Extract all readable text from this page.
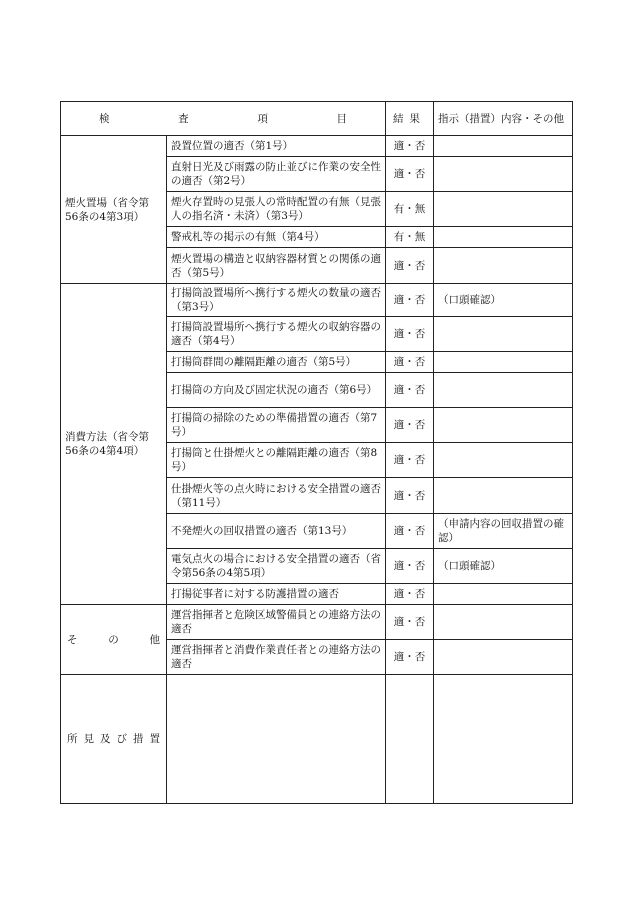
検 査 項 目		結果	指示（措置）内容・その他
煙火置場（省令第56条の4第3項）	設置位置の適否（第1号）	適・否	
	直射日光及び雨露の防止並びに作業の安全性の適否（第2号）	適・否	
	煙火存置時の見張人の常時配置の有無（見張人の指名済・未済）（第3号）	有・無	
	警戒札等の掲示の有無（第4号）	有・無	
	煙火置場の構造と収納容器材質との関係の適否（第5号）	適・否	
消費方法（省令第56条の4第4項）	打揚筒設置場所へ携行する煙火の数量の適否（第3号）	適・否	（口頭確認）
	打揚筒設置場所へ携行する煙火の収納容器の適否（第4号）	適・否	
	打揚筒群間の離隔距離の適否（第5号）	適・否	
	打揚筒の方向及び固定状況の適否（第6号）	適・否	
	打揚筒の掃除のための準備措置の適否（第7号）	適・否	
	打揚筒と仕掛煙火との離隔距離の適否（第8号）	適・否	
	仕掛煙火等の点火時における安全措置の適否（第11号）	適・否	
	不発煙火の回収措置の適否（第13号）	適・否	（申請内容の回収措置の確認）
	電気点火の場合における安全措置の適否（省令第56条の4第5項）	適・否	（口頭確認）
	打揚従事者に対する防護措置の適否	適・否	
そ の 他	運営指揮者と危険区域警備員との連絡方法の適否	適・否	
	運営指揮者と消費作業責任者との連絡方法の適否	適・否	
所 見 及 び 措 置			
